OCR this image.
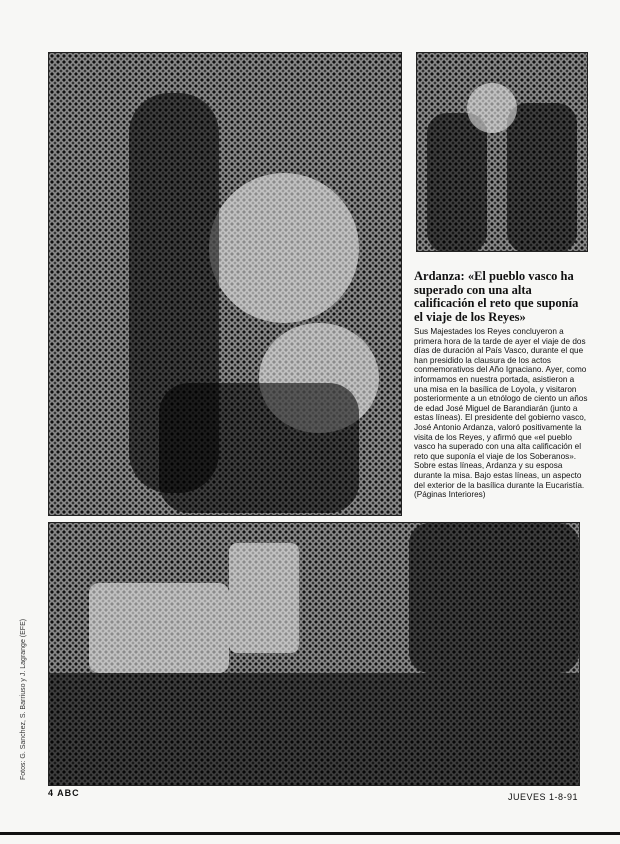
Ardanza: «El pueblo vasco ha superado con una alta calificación el reto que suponía el viaje de los Reyes»

Sus Majestades los Reyes concluyeron a primera hora de la tarde de ayer el viaje de dos días de duración al País Vasco, durante el que han presidido la clausura de los actos conmemorativos del Año Ignaciano. Ayer, como informamos en nuestra portada, asistieron a una misa en la basílica de Loyola, y visitaron posteriormente a un etnólogo de ciento un años de edad José Miguel de Barandiarán (junto a estas líneas). El presidente del gobierno vasco, José Antonio Ardanza, valoró positivamente la visita de los Reyes, y afirmó que «el pueblo vasco ha superado con una alta calificación el reto que suponía el viaje de los Soberanos». Sobre estas líneas, Ardanza y su esposa durante la misa. Bajo estas líneas, un aspecto del exterior de la basílica durante la Eucaristía. (Páginas Interiores)

Fotos: G. Sanchez, S. Barriuso y J. Lagrange (EFE)
4 ABC	JUEVES 1-8-91
